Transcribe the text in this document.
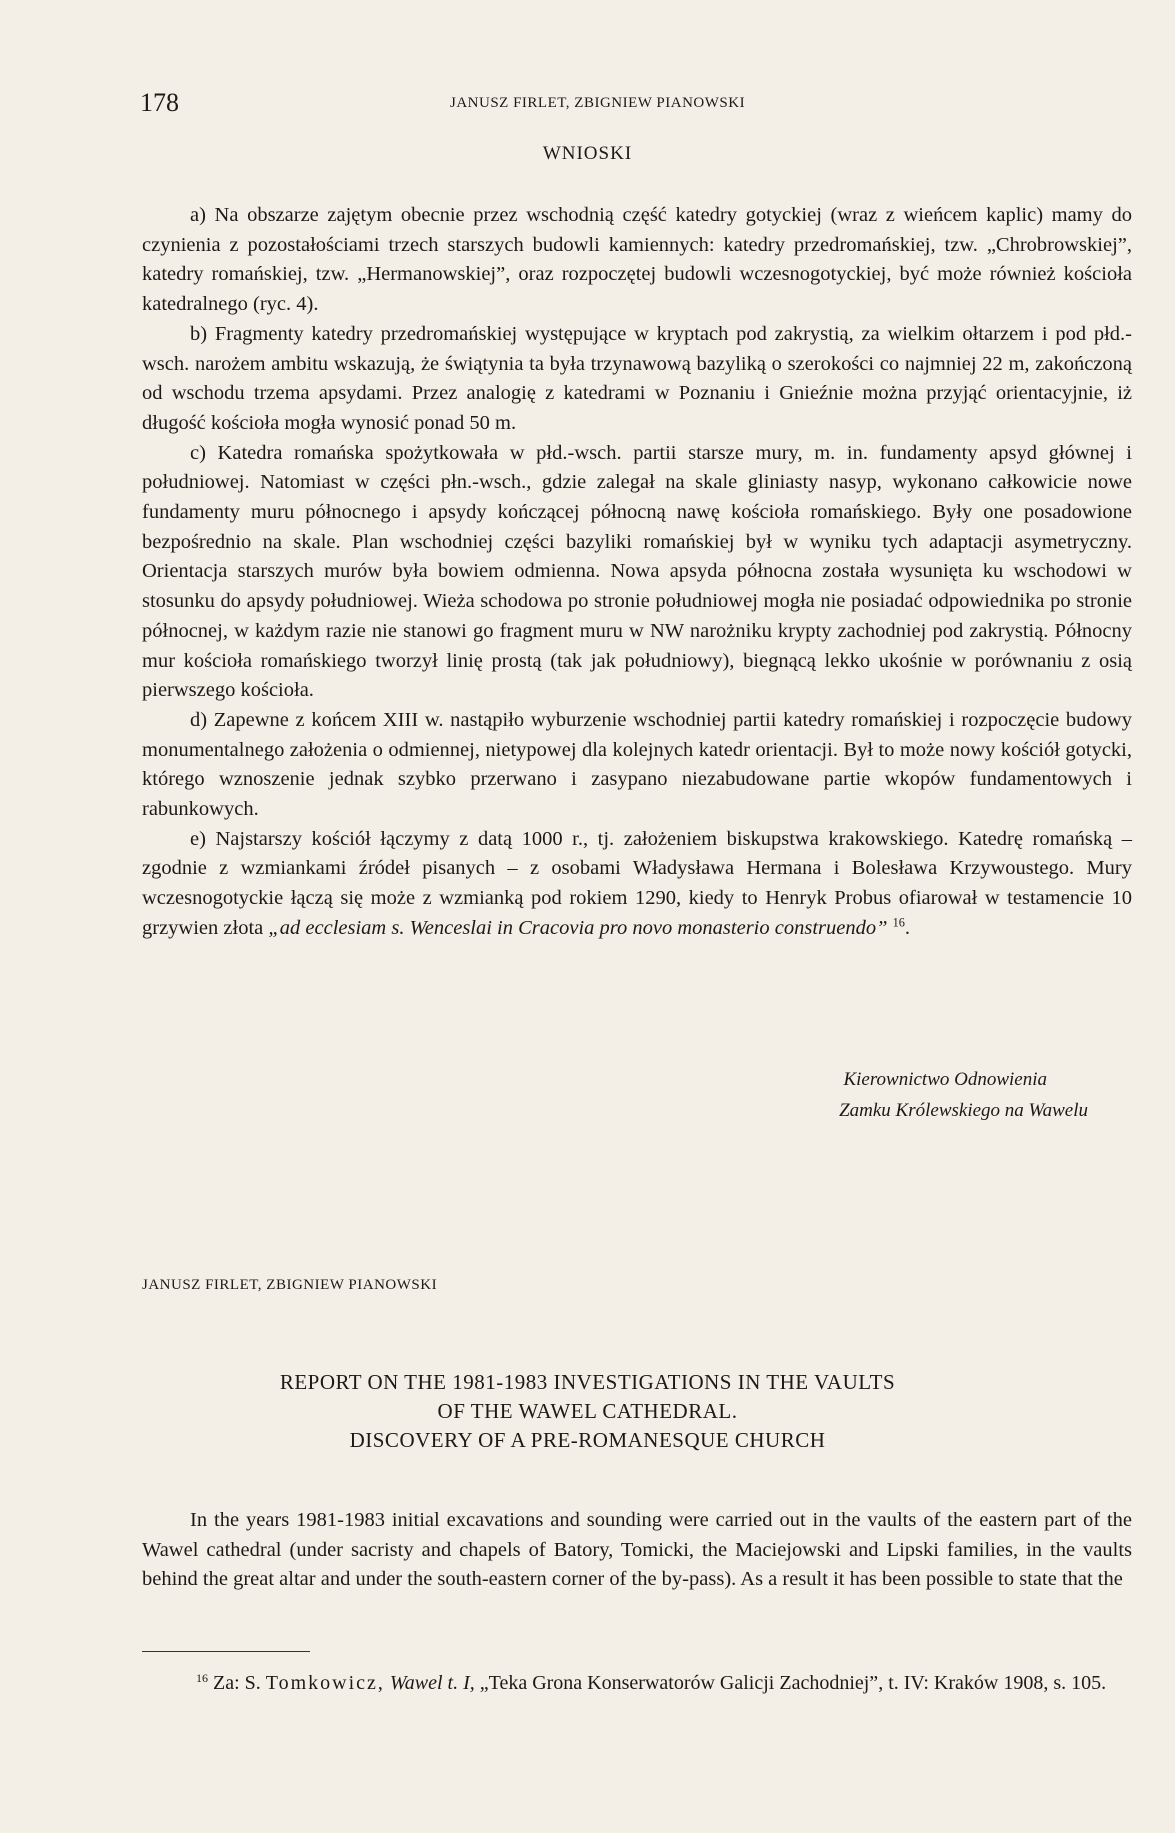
178	JANUSZ FIRLET, ZBIGNIEW PIANOWSKI
WNIOSKI

a) Na obszarze zajętym obecnie przez wschodnią część katedry gotyckiej (wraz z wieńcem kaplic) mamy do czynienia z pozostałościami trzech starszych budowli kamiennych: katedry przedromańskiej, tzw. „Chrobrowskiej”, katedry romańskiej, tzw. „Hermanowskiej”, oraz rozpoczętej budowli wczesnogotyckiej, być może również kościoła katedralnego (ryc. 4).

b) Fragmenty katedry przedromańskiej występujące w kryptach pod zakrystią, za wielkim ołtarzem i pod płd.-wsch. narożem ambitu wskazują, że świątynia ta była trzynawową bazyliką o szerokości co najmniej 22 m, zakończoną od wschodu trzema apsydami. Przez analogię z katedrami w Poznaniu i Gnieźnie można przyjąć orientacyjnie, iż długość kościoła mogła wynosić ponad 50 m.

c) Katedra romańska spożytkowała w płd.-wsch. partii starsze mury, m. in. fundamenty apsyd głównej i południowej. Natomiast w części płn.-wsch., gdzie zalegał na skale gliniasty nasyp, wykonano całkowicie nowe fundamenty muru północnego i apsydy kończącej północną nawę kościoła romańskiego. Były one posadowione bezpośrednio na skale. Plan wschodniej części bazyliki romańskiej był w wyniku tych adaptacji asymetryczny. Orientacja starszych murów była bowiem odmienna. Nowa apsyda północna została wysunięta ku wschodowi w stosunku do apsydy południowej. Wieża schodowa po stronie południowej mogła nie posiadać odpowiednika po stronie północnej, w każdym razie nie stanowi go fragment muru w NW narożniku krypty zachodniej pod zakrystią. Północny mur kościoła romańskiego tworzył linię prostą (tak jak południowy), biegnącą lekko ukośnie w porównaniu z osią pierwszego kościoła.

d) Zapewne z końcem XIII w. nastąpiło wyburzenie wschodniej partii katedry romańskiej i rozpoczęcie budowy monumentalnego założenia o odmiennej, nietypowej dla kolejnych katedr orientacji. Był to może nowy kościół gotycki, którego wznoszenie jednak szybko przerwano i zasypano niezabudowane partie wkopów fundamentowych i rabunkowych.

e) Najstarszy kościół łączymy z datą 1000 r., tj. założeniem biskupstwa krakowskiego. Katedrę romańską – zgodnie z wzmiankami źródeł pisanych – z osobami Władysława Hermana i Bolesława Krzywoustego. Mury wczesnogotyckie łączą się może z wzmianką pod rokiem 1290, kiedy to Henryk Probus ofiarował w testamencie 10 grzywien złota „ad ecclesiam s. Wenceslai in Cracovia pro novo monasterio construendo” $^{16}$.

Kierownictwo Odnowienia
Zamku Królewskiego na Wawelu
JANUSZ FIRLET, ZBIGNIEW PIANOWSKI
REPORT ON THE 1981-1983 INVESTIGATIONS IN THE VAULTS
OF THE WAWEL CATHEDRAL.
DISCOVERY OF A PRE-ROMANESQUE CHURCH

In the years 1981-1983 initial excavations and sounding were carried out in the vaults of the eastern part of the Wawel cathedral (under sacristy and chapels of Batory, Tomicki, the Maciejowski and Lipski families, in the vaults behind the great altar and under the south-eastern corner of the by-pass). As a result it has been possible to state that the

$^{16}$ Za: S. Tomkowicz, Wawel t. I, „Teka Grona Konserwatorów Galicji Zachodniej”, t. IV: Kraków 1908, s. 105.
